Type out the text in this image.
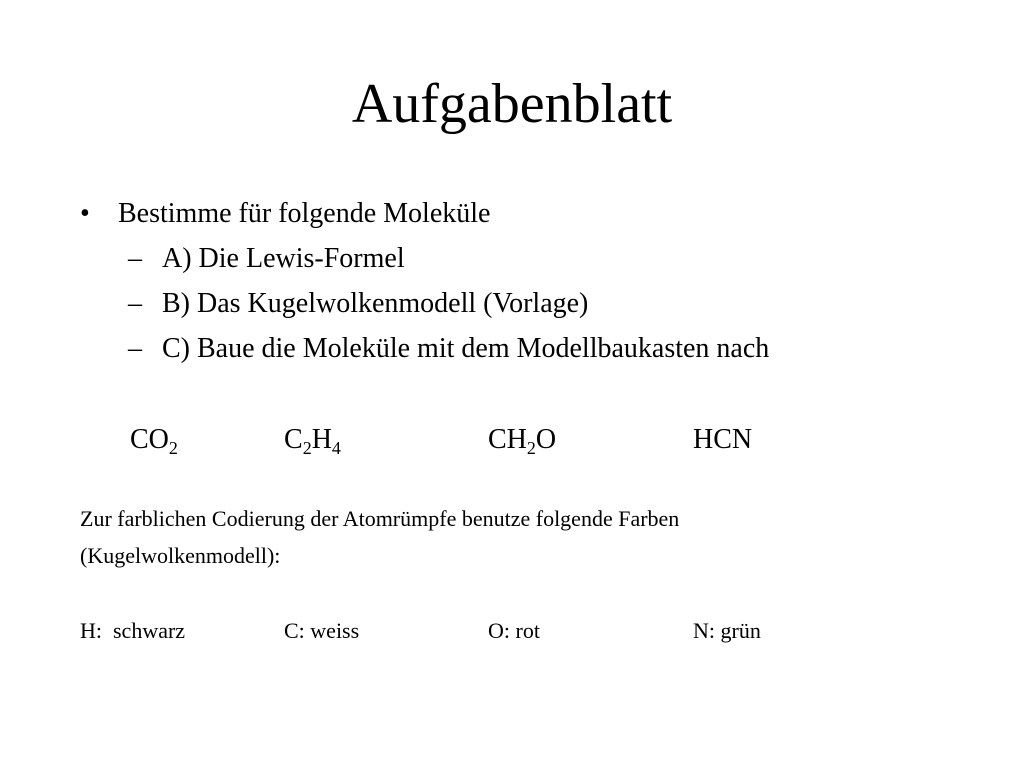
Aufgabenblatt
• Bestimme für folgende Moleküle
– A) Die Lewis-Formel
– B) Das Kugelwolkenmodell (Vorlage)
– C) Baue die Moleküle mit dem Modellbaukasten nach
$CO_2$	$C_2H_4$	$CH_2O$	HCN
Zur farblichen Codierung der Atomrümpfe benutze folgende Farben
(Kugelwolkenmodell):
H: schwarz	C: weiss	O: rot	N: grün
